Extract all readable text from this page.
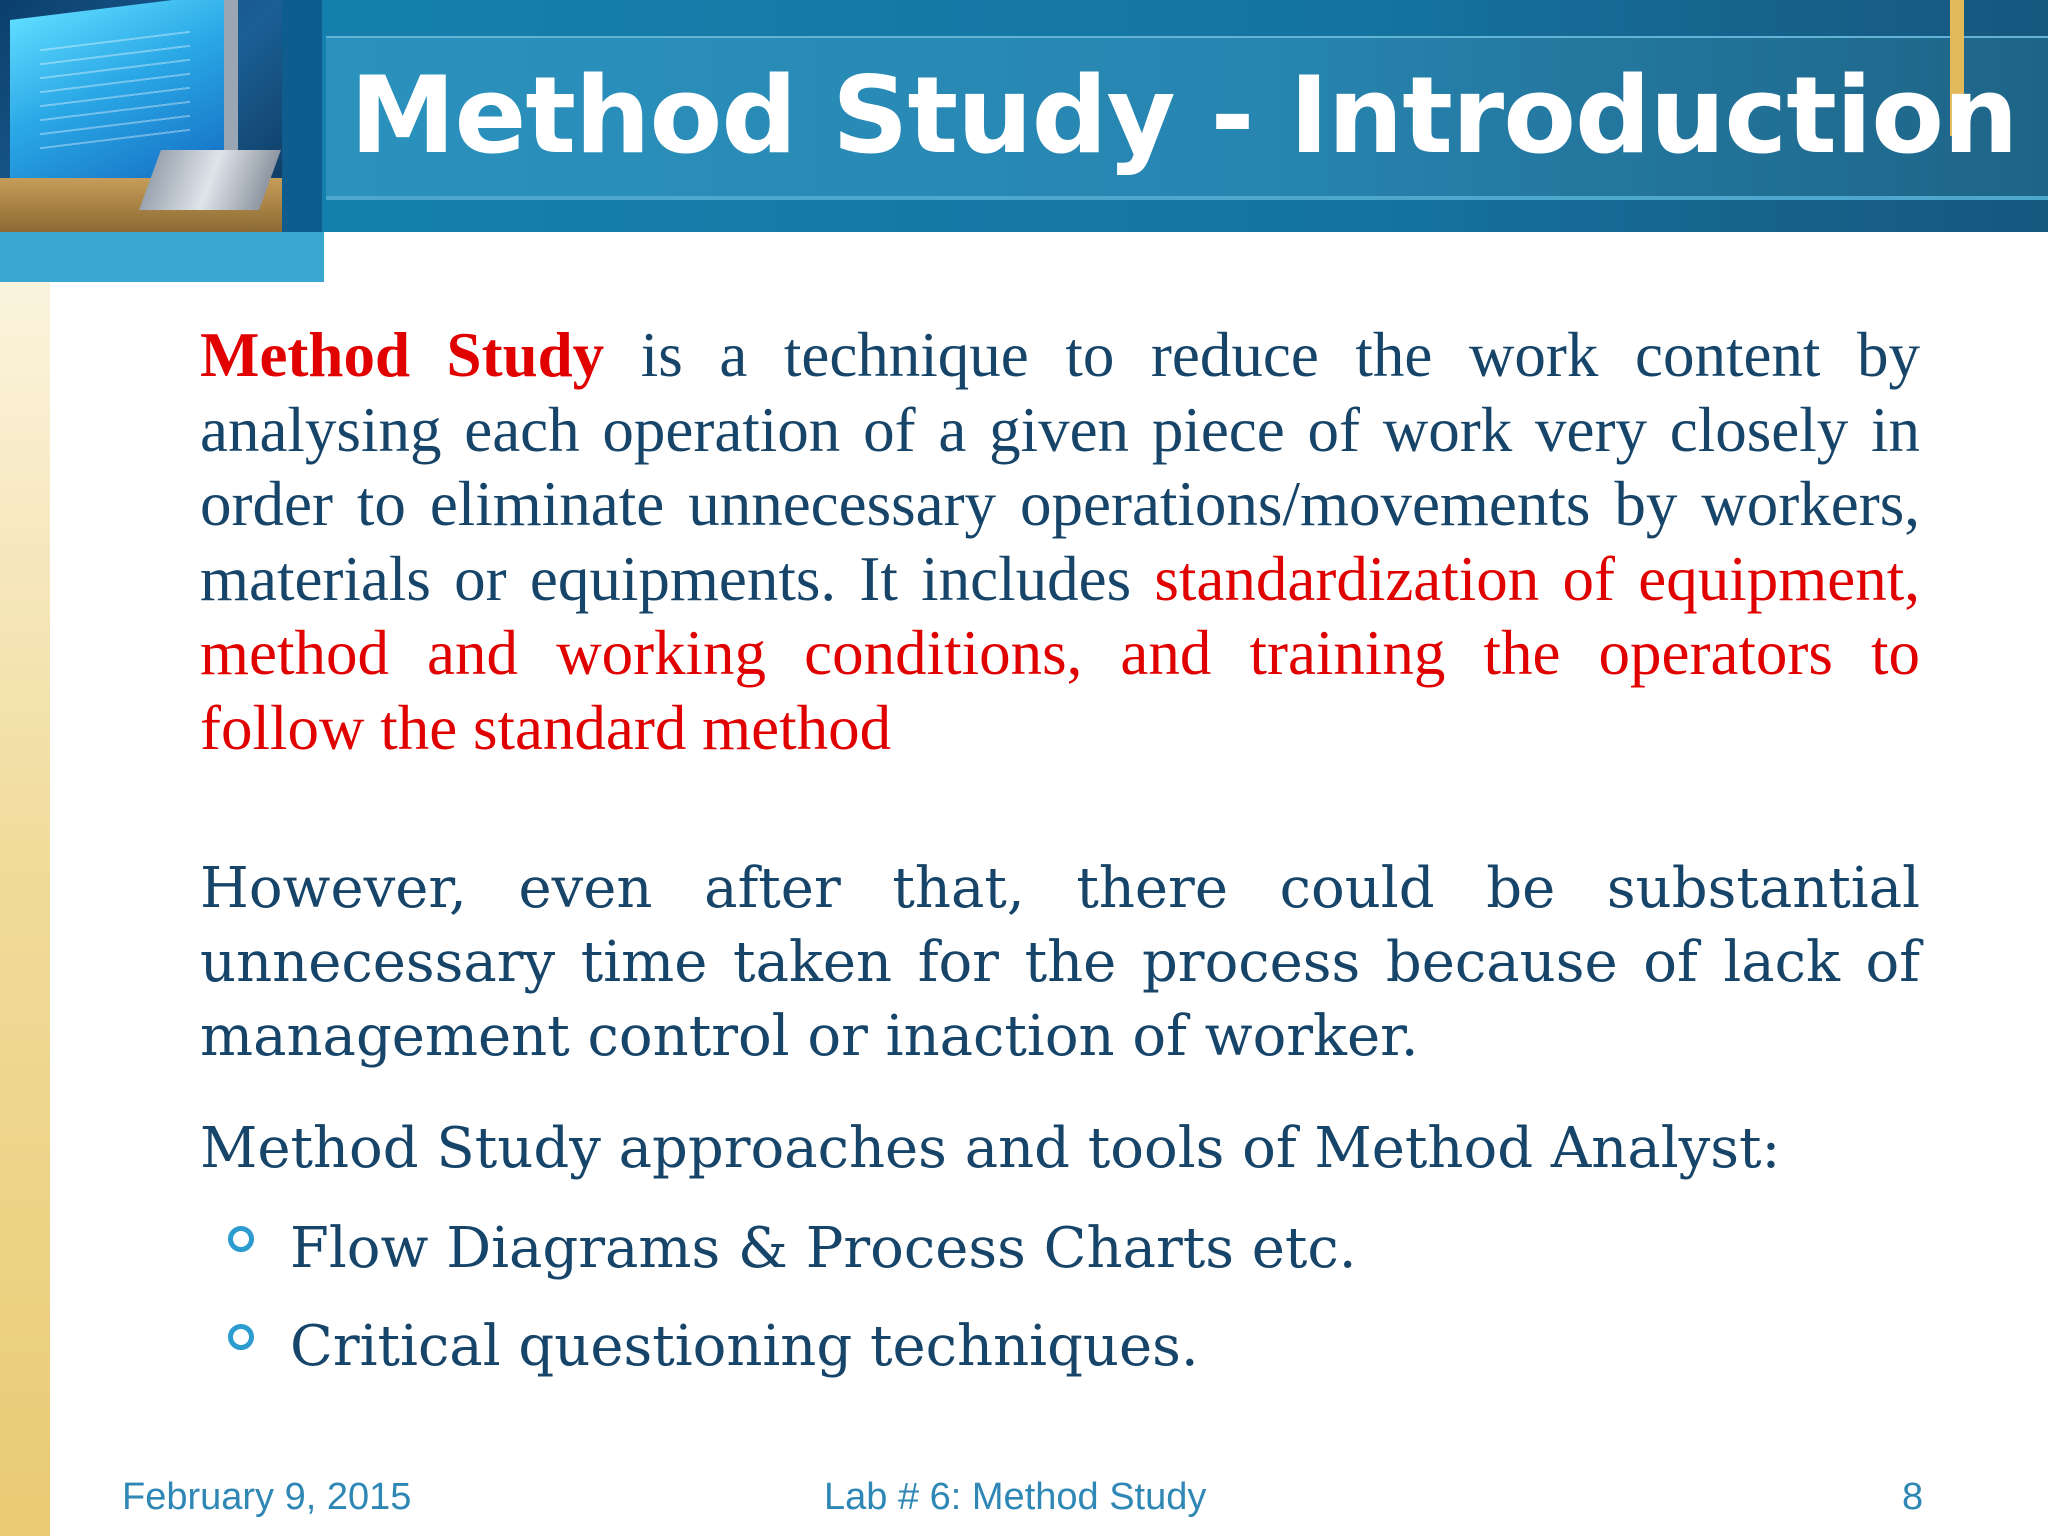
Method Study - Introduction

Method Study is a technique to reduce the work content by analysing each operation of a given piece of work very closely in order to eliminate unnecessary operations/movements by workers, materials or equipments. It includes standardization of equipment, method and working conditions, and training the operators to follow the standard method

However, even after that, there could be substantial unnecessary time taken for the process because of lack of management control or inaction of worker.

Method Study approaches and tools of Method Analyst:

Flow Diagrams & Process Charts etc.

Critical questioning techniques.

February 9, 2015	Lab # 6: Method Study	8
